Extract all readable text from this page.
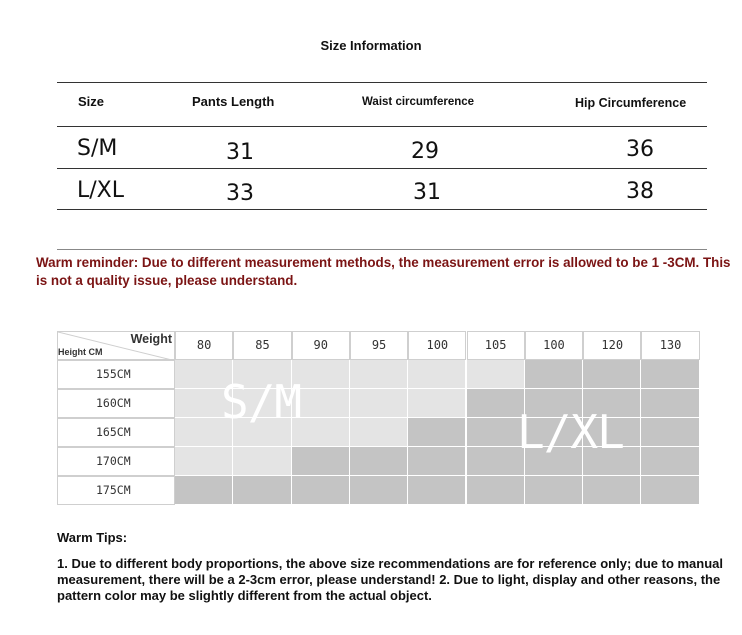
Size Information
Size	Pants Length	Waist circumference	Hip Circumference
S/M	31	29	36
L/XL	33	31	38
Warm reminder: Due to different measurement methods, the measurement error is allowed to be 1 -3CM. This is not a quality issue, please understand.
Weight
Height CM	80	85	90	95	100	105	100	120	130
155CM
160CM
165CM
170CM
175CM
S/M
L/XL
Warm Tips:
1. Due to different body proportions, the above size recommendations are for reference only; due to manual measurement, there will be a 2-3cm error, please understand! 2. Due to light, display and other reasons, the pattern color may be slightly different from the actual object.
